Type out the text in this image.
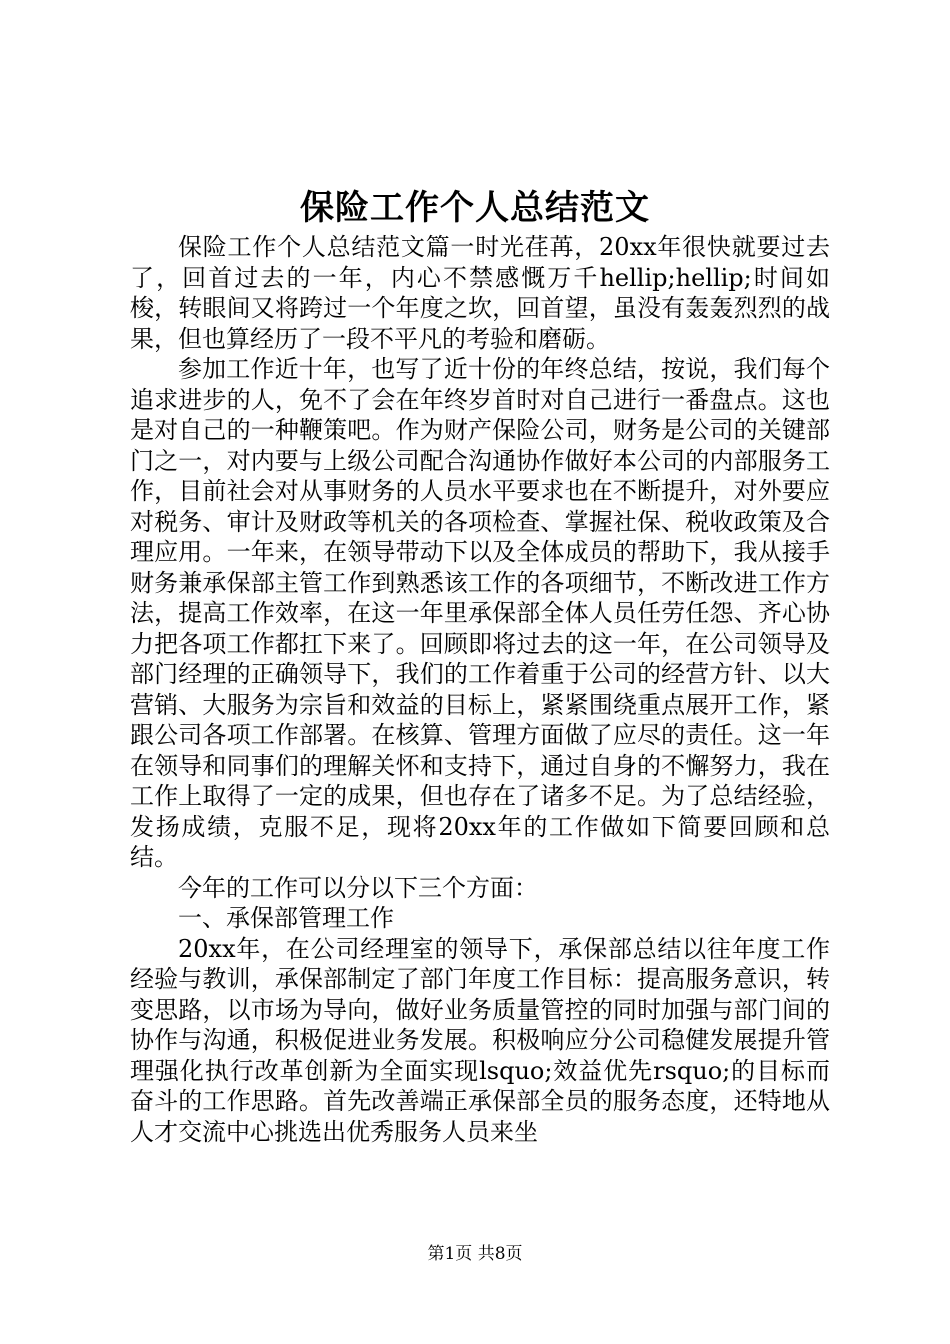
保险工作个人总结范文

保险工作个人总结范文篇一时光荏苒，20xx年很快就要过去了，回首过去的一年，内心不禁感慨万千hellip;hellip;时间如梭，转眼间又将跨过一个年度之坎，回首望，虽没有轰轰烈烈的战果，但也算经历了一段不平凡的考验和磨砺。

参加工作近十年，也写了近十份的年终总结，按说，我们每个追求进步的人，免不了会在年终岁首时对自己进行一番盘点。这也是对自己的一种鞭策吧。作为财产保险公司，财务是公司的关键部门之一，对内要与上级公司配合沟通协作做好本公司的内部服务工作，目前社会对从事财务的人员水平要求也在不断提升，对外要应对税务、审计及财政等机关的各项检查、掌握社保、税收政策及合理应用。一年来，在领导带动下以及全体成员的帮助下，我从接手财务兼承保部主管工作到熟悉该工作的各项细节，不断改进工作方法，提高工作效率，在这一年里承保部全体人员任劳任怨、齐心协力把各项工作都扛下来了。回顾即将过去的这一年，在公司领导及部门经理的正确领导下，我们的工作着重于公司的经营方针、以大营销、大服务为宗旨和效益的目标上，紧紧围绕重点展开工作，紧跟公司各项工作部署。在核算、管理方面做了应尽的责任。这一年在领导和同事们的理解关怀和支持下，通过自身的不懈努力，我在工作上取得了一定的成果，但也存在了诸多不足。为了总结经验，发扬成绩，克服不足，现将20xx年的工作做如下简要回顾和总结。

今年的工作可以分以下三个方面：

一、承保部管理工作

20xx年，在公司经理室的领导下，承保部总结以往年度工作经验与教训，承保部制定了部门年度工作目标：提高服务意识，转变思路，以市场为导向，做好业务质量管控的同时加强与部门间的协作与沟通，积极促进业务发展。积极响应分公司稳健发展提升管理强化执行改革创新为全面实现lsquo;效益优先rsquo;的目标而奋斗的工作思路。首先改善端正承保部全员的服务态度，还特地从人才交流中心挑选出优秀服务人员来坐

第1页 共8页
